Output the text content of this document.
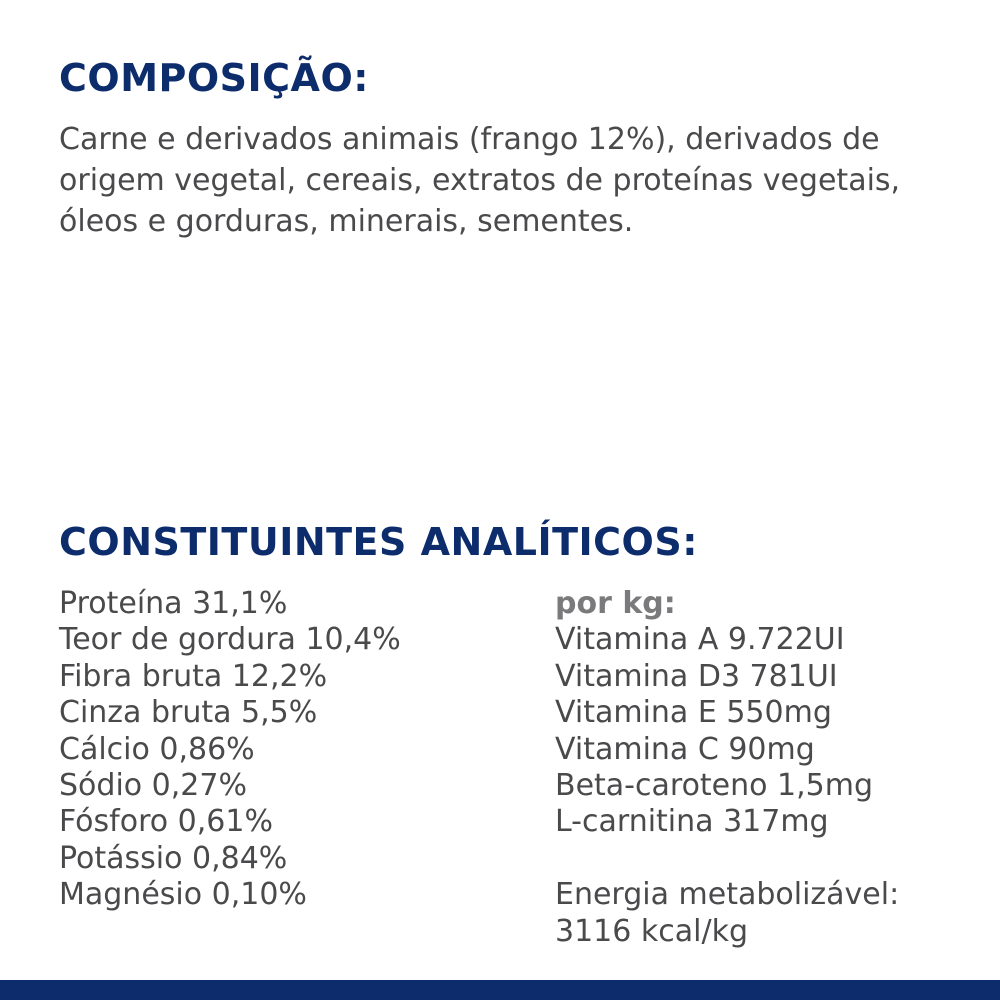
COMPOSIÇÃO:

Carne e derivados animais (frango 12%), derivados de origem vegetal, cereais, extratos de proteínas vegetais, óleos e gorduras, minerais, sementes.

CONSTITUINTES ANALÍTICOS:
Proteína 31,1%
Teor de gordura 10,4%
Fibra bruta 12,2%
Cinza bruta 5,5%
Cálcio 0,86%
Sódio 0,27%
Fósforo 0,61%
Potássio 0,84%
Magnésio 0,10%
por kg:
Vitamina A 9.722UI
Vitamina D3 781UI
Vitamina E 550mg
Vitamina C 90mg
Beta-caroteno 1,5mg
L-carnitina 317mg
Energia metabolizável:
3116 kcal/kg
